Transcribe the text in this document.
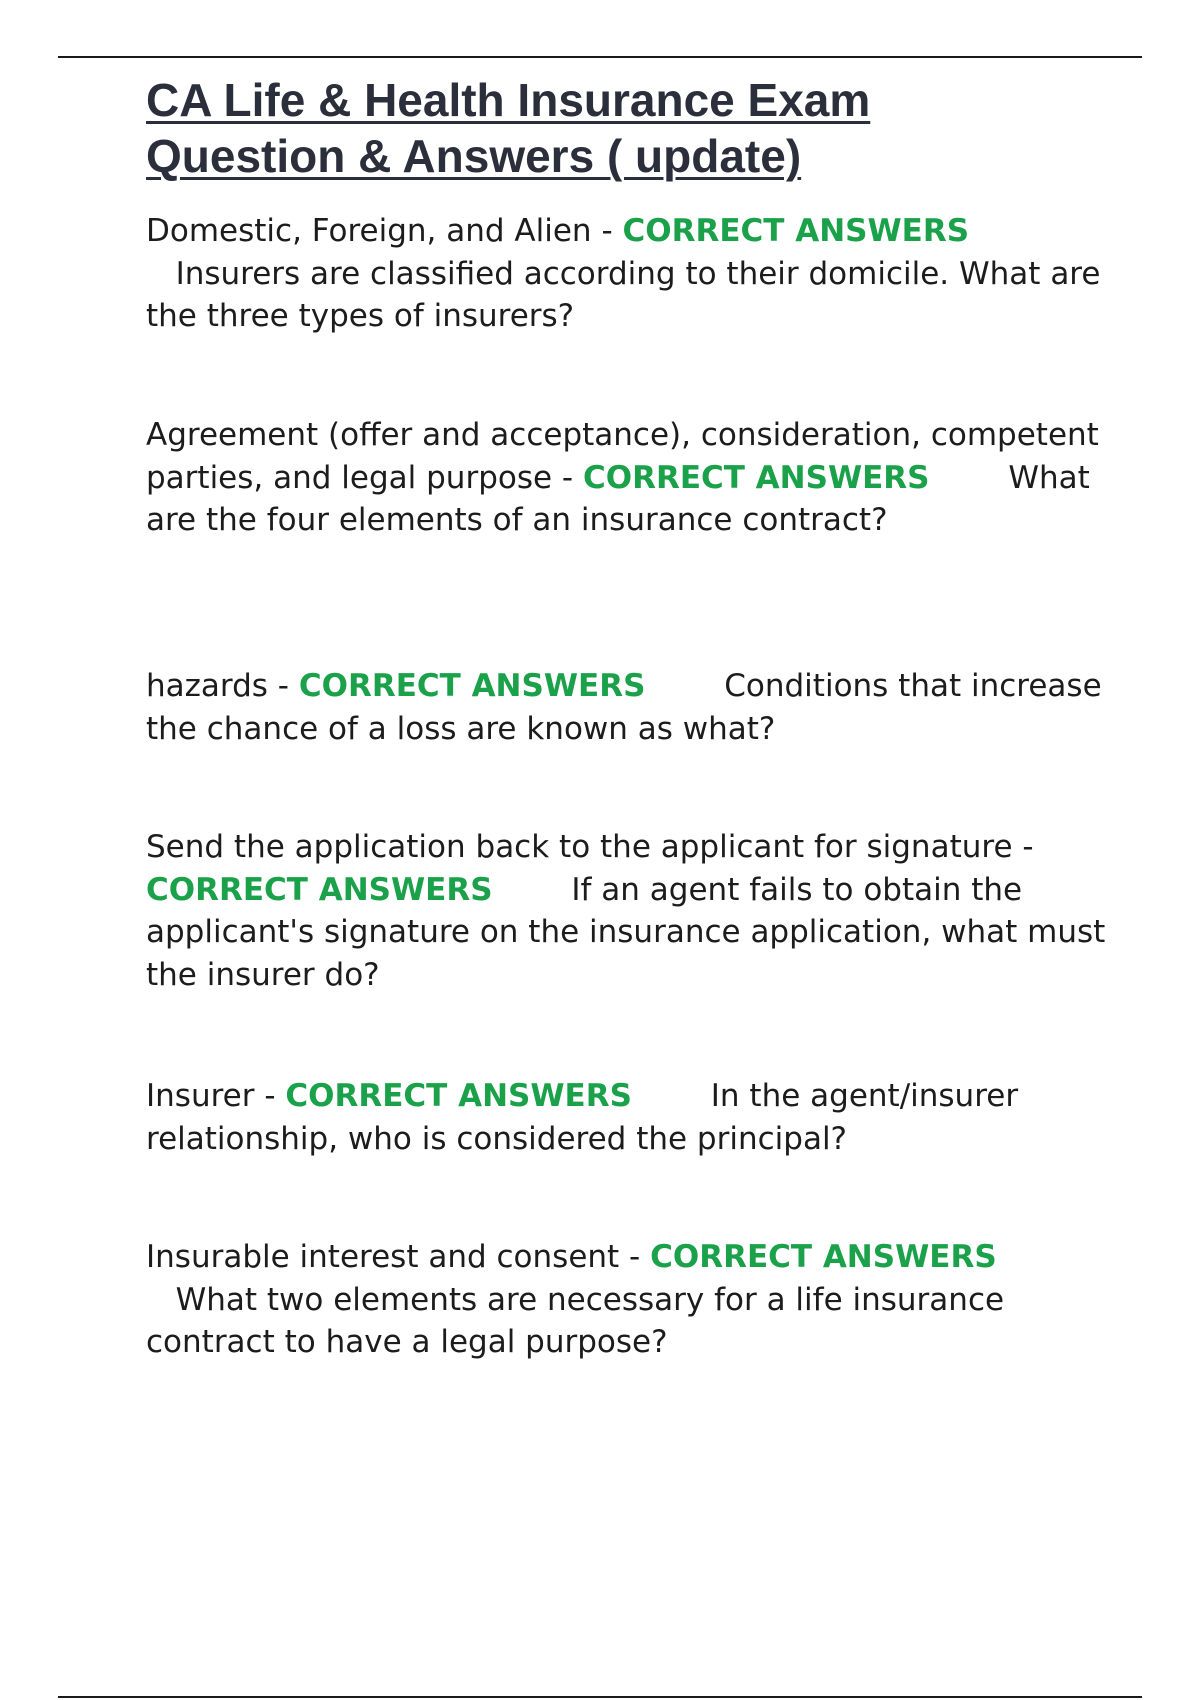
CA Life & Health Insurance Exam
Question & Answers ( update)

Domestic, Foreign, and Alien - CORRECT ANSWERS
Insurers are classified according to their domicile. What are the three types of insurers?

Agreement (offer and acceptance), consideration, competent parties, and legal purpose - CORRECT ANSWERS	What are the four elements of an insurance contract?

hazards - CORRECT ANSWERS	Conditions that increase the chance of a loss are known as what?

Send the application back to the applicant for signature - CORRECT ANSWERS	If an agent fails to obtain the applicant's signature on the insurance application, what must the insurer do?

Insurer - CORRECT ANSWERS	In the agent/insurer relationship, who is considered the principal?

Insurable interest and consent - CORRECT ANSWERS
What two elements are necessary for a life insurance contract to have a legal purpose?
